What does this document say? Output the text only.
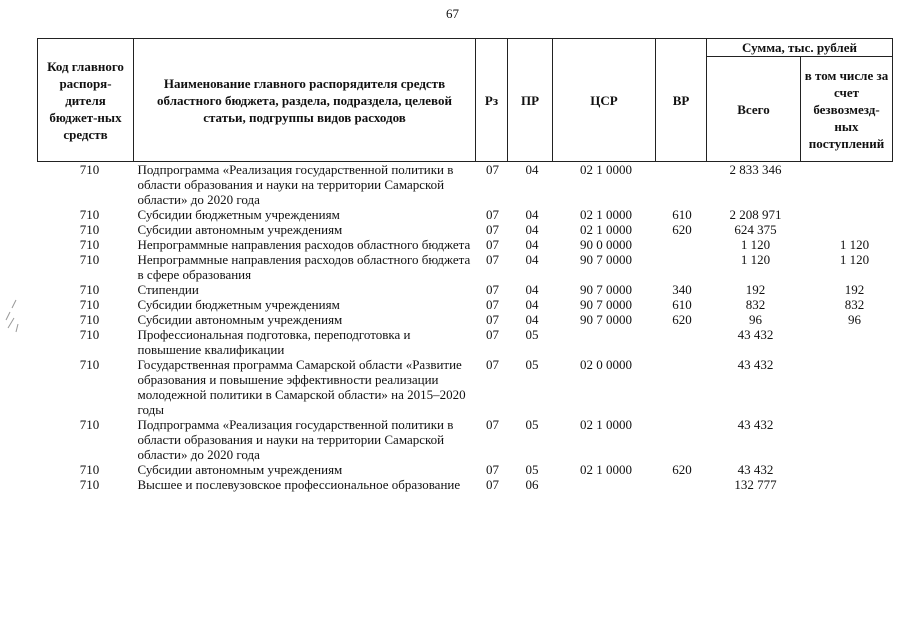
67
Код главного распоря-дителя бюджет-ных средств	Наименование главного распорядителя средств областного бюджета, раздела, подраздела, целевой статьи, подгруппы видов расходов	Рз	ПР	ЦСР	ВР	Сумма, тыс. рублей	
						Всего	в том числе за счет безвозмезд-ных поступлений
710	Подпрограмма «Реализация государственной политики в области образования и науки на территории Самарской области» до 2020 года	07	04	02 1 0000		2 833 346	
710	Субсидии бюджетным учреждениям	07	04	02 1 0000	610	2 208 971	
710	Субсидии автономным учреждениям	07	04	02 1 0000	620	624 375	
710	Непрограммные направления расходов областного бюджета	07	04	90 0 0000		1 120	1 120
710	Непрограммные направления расходов областного бюджета в сфере образования	07	04	90 7 0000		1 120	1 120
710	Стипендии	07	04	90 7 0000	340	192	192
710	Субсидии бюджетным учреждениям	07	04	90 7 0000	610	832	832
710	Субсидии автономным учреждениям	07	04	90 7 0000	620	96	96
710	Профессиональная подготовка, переподготовка и повышение квалификации	07	05			43 432	
710	Государственная программа Самарской области «Развитие образования и повышение эффективности реализации молодежной политики в Самарской области» на 2015–2020 годы	07	05	02 0 0000		43 432	
710	Подпрограмма «Реализация государственной политики в области образования и науки на территории Самарской области» до 2020 года	07	05	02 1 0000		43 432	
710	Субсидии автономным учреждениям	07	05	02 1 0000	620	43 432	
710	Высшее и послевузовское профессиональное образование	07	06			132 777	
